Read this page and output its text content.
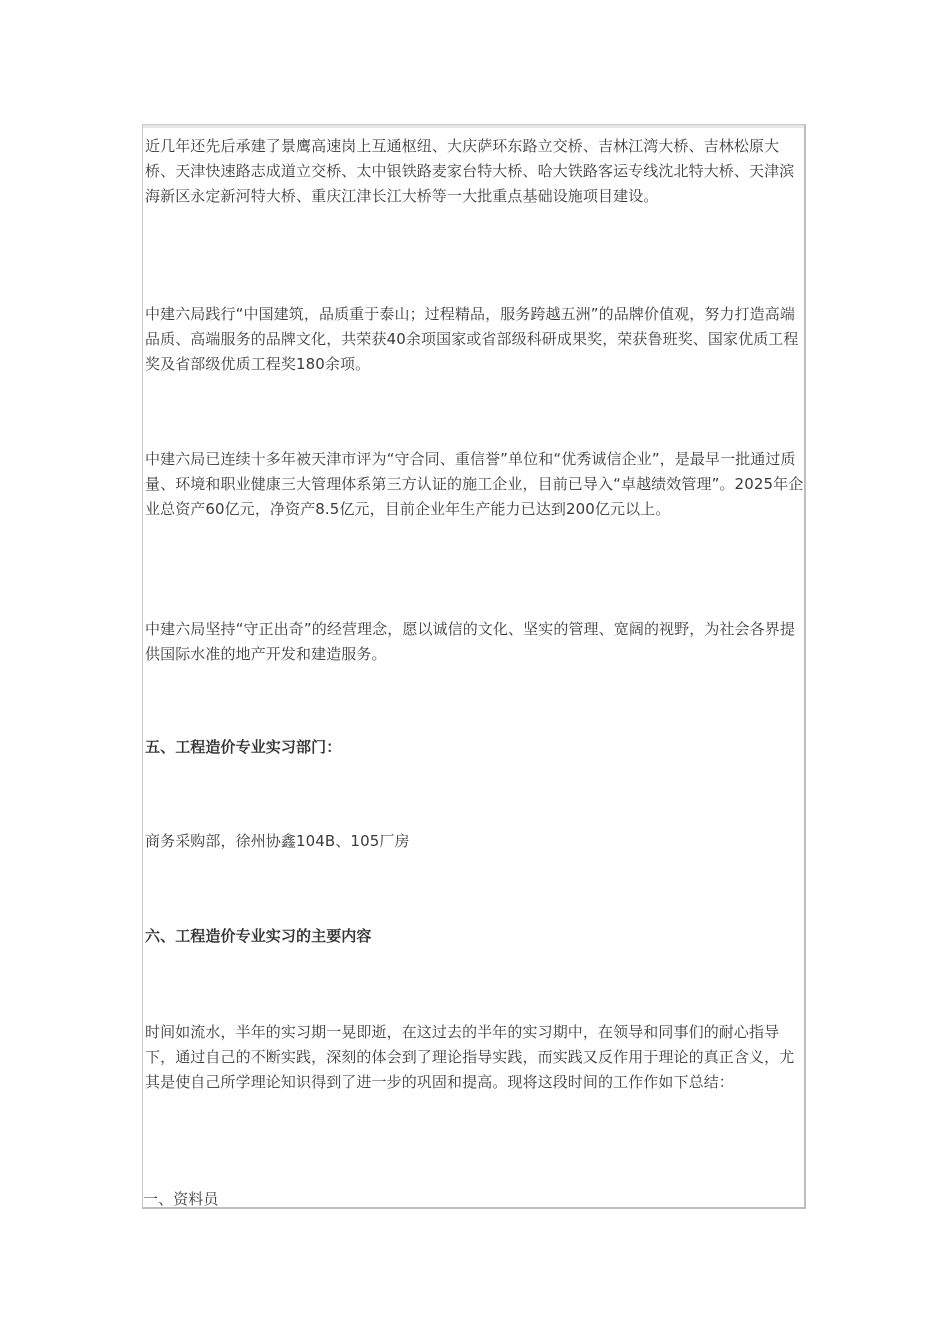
近几年还先后承建了景鹰高速岗上互通枢纽、大庆萨环东路立交桥、吉林江湾大桥、吉林松原大桥、天津快速路志成道立交桥、太中银铁路麦家台特大桥、哈大铁路客运专线沈北特大桥、天津滨海新区永定新河特大桥、重庆江津长江大桥等一大批重点基础设施项目建设。

中建六局践行“中国建筑，品质重于泰山；过程精品，服务跨越五洲”的品牌价值观，努力打造高端品质、高端服务的品牌文化，共荣获40余项国家或省部级科研成果奖，荣获鲁班奖、国家优质工程奖及省部级优质工程奖180余项。

中建六局已连续十多年被天津市评为“守合同、重信誉”单位和“优秀诚信企业”，是最早一批通过质量、环境和职业健康三大管理体系第三方认证的施工企业，目前已导入“卓越绩效管理”。2025年企业总资产60亿元，净资产8.5亿元，目前企业年生产能力已达到200亿元以上。

中建六局坚持“守正出奇”的经营理念，愿以诚信的文化、坚实的管理、宽阔的视野，为社会各界提供国际水准的地产开发和建造服务。

五、工程造价专业实习部门：

商务采购部，徐州协鑫104B、105厂房

六、工程造价专业实习的主要内容

时间如流水，半年的实习期一晃即逝，在这过去的半年的实习期中，在领导和同事们的耐心指导下，通过自己的不断实践，深刻的体会到了理论指导实践，而实践又反作用于理论的真正含义，尤其是使自己所学理论知识得到了进一步的巩固和提高。现将这段时间的工作作如下总结：

一、资料员
